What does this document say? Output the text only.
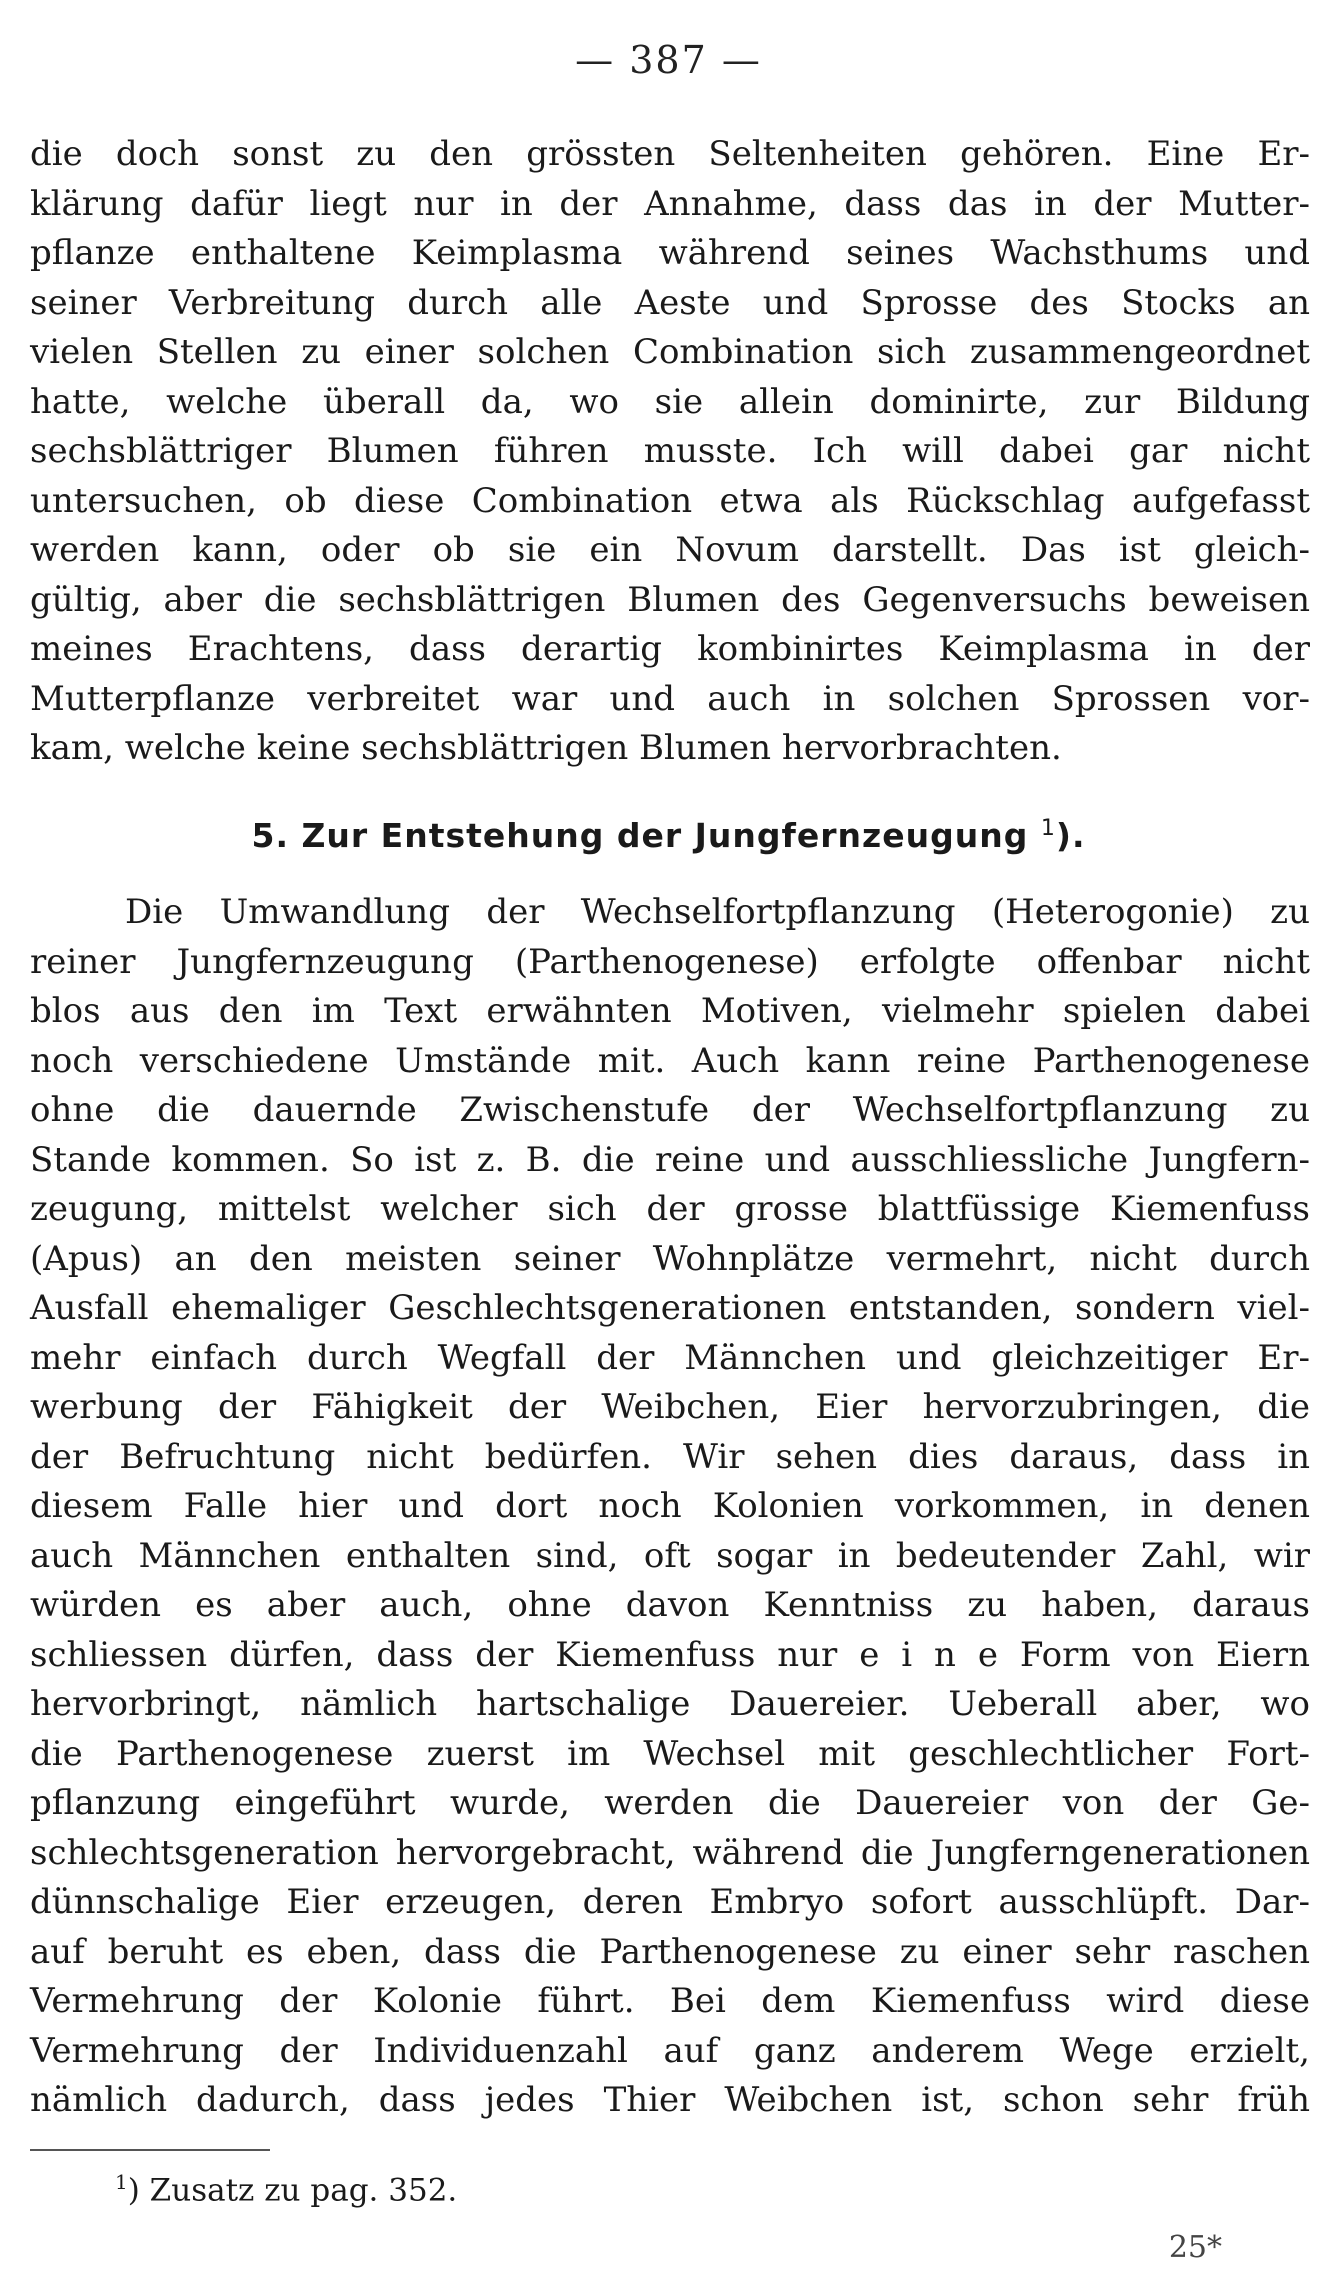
— 387 —
die doch sonst zu den grössten Seltenheiten gehören. Eine Er-
klärung dafür liegt nur in der Annahme, dass das in der Mutter-
pflanze enthaltene Keimplasma während seines Wachsthums und
seiner Verbreitung durch alle Aeste und Sprosse des Stocks an
vielen Stellen zu einer solchen Combination sich zusammengeordnet
hatte, welche überall da, wo sie allein dominirte, zur Bildung
sechsblättriger Blumen führen musste. Ich will dabei gar nicht
untersuchen, ob diese Combination etwa als Rückschlag aufgefasst
werden kann, oder ob sie ein Novum darstellt. Das ist gleich-
gültig, aber die sechsblättrigen Blumen des Gegenversuchs beweisen
meines Erachtens, dass derartig kombinirtes Keimplasma in der
Mutterpflanze verbreitet war und auch in solchen Sprossen vor-
kam, welche keine sechsblättrigen Blumen hervorbrachten.
5. Zur Entstehung der Jungfernzeugung $^1$).
Die Umwandlung der Wechselfortpflanzung (Heterogonie) zu
reiner Jungfernzeugung (Parthenogenese) erfolgte offenbar nicht
blos aus den im Text erwähnten Motiven, vielmehr spielen dabei
noch verschiedene Umstände mit. Auch kann reine Parthenogenese
ohne die dauernde Zwischenstufe der Wechselfortpflanzung zu
Stande kommen. So ist z. B. die reine und ausschliessliche Jungfern-
zeugung, mittelst welcher sich der grosse blattfüssige Kiemenfuss
(Apus) an den meisten seiner Wohnplätze vermehrt, nicht durch
Ausfall ehemaliger Geschlechtsgenerationen entstanden, sondern viel-
mehr einfach durch Wegfall der Männchen und gleichzeitiger Er-
werbung der Fähigkeit der Weibchen, Eier hervorzubringen, die
der Befruchtung nicht bedürfen. Wir sehen dies daraus, dass in
diesem Falle hier und dort noch Kolonien vorkommen, in denen
auch Männchen enthalten sind, oft sogar in bedeutender Zahl, wir
würden es aber auch, ohne davon Kenntniss zu haben, daraus
schliessen dürfen, dass der Kiemenfuss nur e i n e Form von Eiern
hervorbringt, nämlich hartschalige Dauereier. Ueberall aber, wo
die Parthenogenese zuerst im Wechsel mit geschlechtlicher Fort-
pflanzung eingeführt wurde, werden die Dauereier von der Ge-
schlechtsgeneration hervorgebracht, während die Jungferngenerationen
dünnschalige Eier erzeugen, deren Embryo sofort ausschlüpft. Dar-
auf beruht es eben, dass die Parthenogenese zu einer sehr raschen
Vermehrung der Kolonie führt. Bei dem Kiemenfuss wird diese
Vermehrung der Individuenzahl auf ganz anderem Wege erzielt,
nämlich dadurch, dass jedes Thier Weibchen ist, schon sehr früh
$^1$) Zusatz zu pag. 352.
25*
